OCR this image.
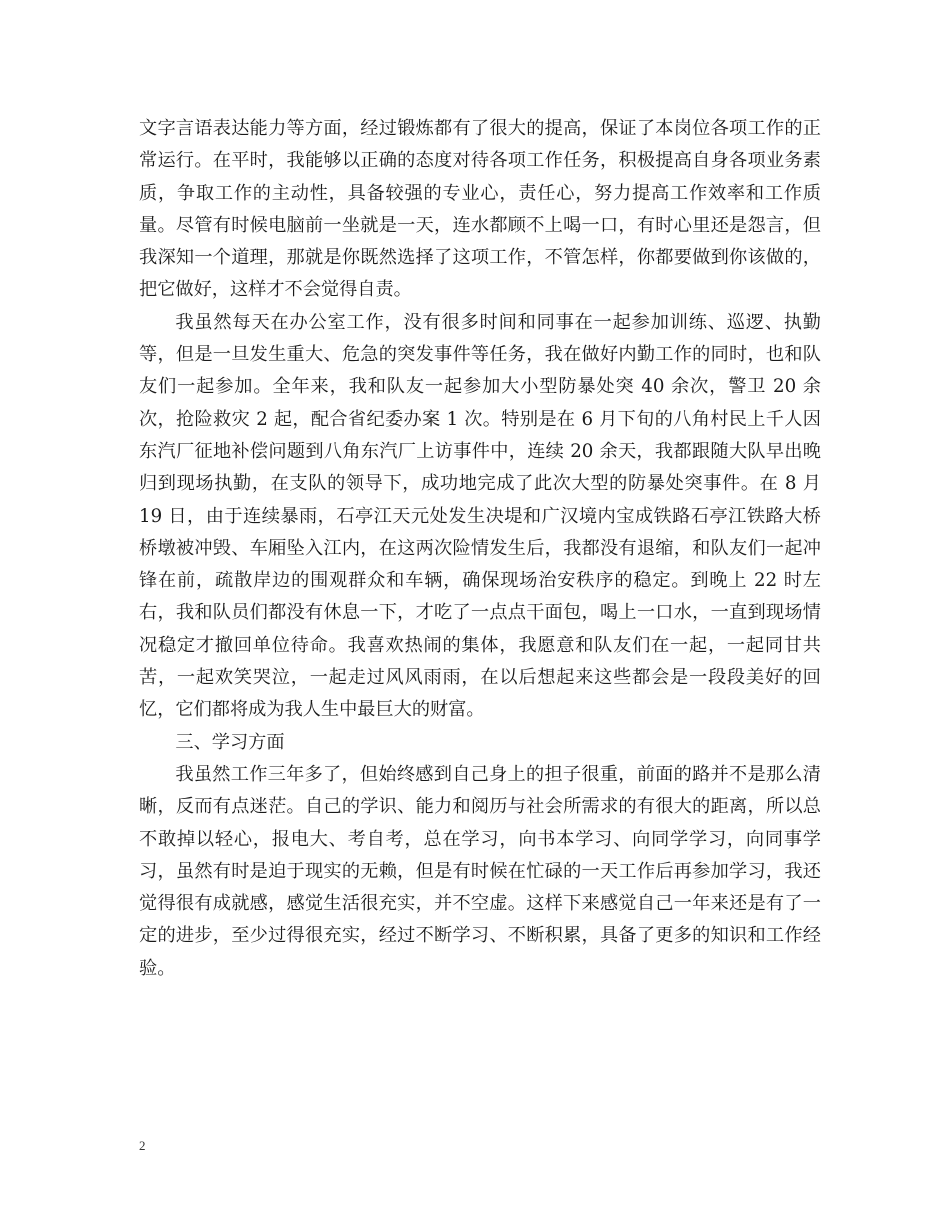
文字言语表达能力等方面，经过锻炼都有了很大的提高，保证了本岗位各项工作的正常运行。在平时，我能够以正确的态度对待各项工作任务，积极提高自身各项业务素质，争取工作的主动性，具备较强的专业心，责任心，努力提高工作效率和工作质量。尽管有时候电脑前一坐就是一天，连水都顾不上喝一口，有时心里还是怨言，但我深知一个道理，那就是你既然选择了这项工作，不管怎样，你都要做到你该做的，把它做好，这样才不会觉得自责。

我虽然每天在办公室工作，没有很多时间和同事在一起参加训练、巡逻、执勤等，但是一旦发生重大、危急的突发事件等任务，我在做好内勤工作的同时，也和队友们一起参加。全年来，我和队友一起参加大小型防暴处突 40 余次，警卫 20 余次，抢险救灾 2 起，配合省纪委办案 1 次。特别是在 6 月下旬的八角村民上千人因东汽厂征地补偿问题到八角东汽厂上访事件中，连续 20 余天，我都跟随大队早出晚归到现场执勤，在支队的领导下，成功地完成了此次大型的防暴处突事件。在 8 月 19 日，由于连续暴雨，石亭江天元处发生决堤和广汉境内宝成铁路石亭江铁路大桥桥墩被冲毁、车厢坠入江内，在这两次险情发生后，我都没有退缩，和队友们一起冲锋在前，疏散岸边的围观群众和车辆，确保现场治安秩序的稳定。到晚上 22 时左右，我和队员们都没有休息一下，才吃了一点点干面包，喝上一口水，一直到现场情况稳定才撤回单位待命。我喜欢热闹的集体，我愿意和队友们在一起，一起同甘共苦，一起欢笑哭泣，一起走过风风雨雨，在以后想起来这些都会是一段段美好的回忆，它们都将成为我人生中最巨大的财富。

三、学习方面

我虽然工作三年多了，但始终感到自己身上的担子很重，前面的路并不是那么清晰，反而有点迷茫。自己的学识、能力和阅历与社会所需求的有很大的距离，所以总不敢掉以轻心，报电大、考自考，总在学习，向书本学习、向同学学习，向同事学习，虽然有时是迫于现实的无赖，但是有时候在忙碌的一天工作后再参加学习，我还觉得很有成就感，感觉生活很充实，并不空虚。这样下来感觉自己一年来还是有了一定的进步，至少过得很充实，经过不断学习、不断积累，具备了更多的知识和工作经验。

2
